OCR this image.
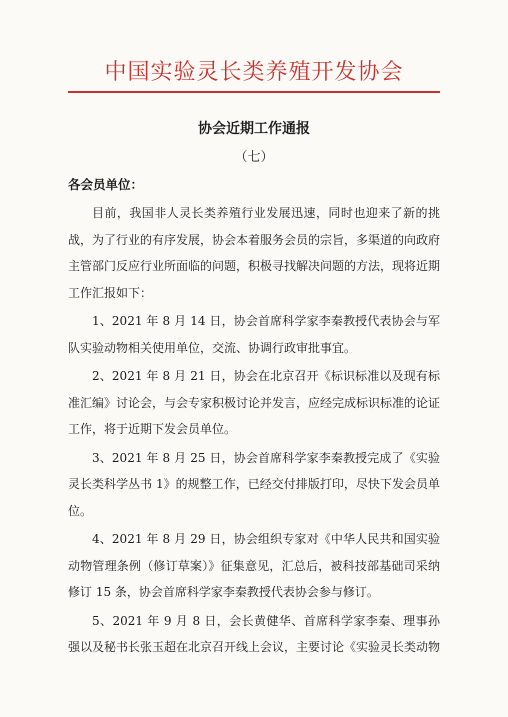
中国实验灵长类养殖开发协会
协会近期工作通报
（七）
各会员单位：

目前，我国非人灵长类养殖行业发展迅速，同时也迎来了新的挑战，为了行业的有序发展，协会本着服务会员的宗旨，多渠道的向政府主管部门反应行业所面临的问题，积极寻找解决问题的方法，现将近期工作汇报如下：

1、2021 年 8 月 14 日，协会首席科学家李秦教授代表协会与军队实验动物相关使用单位，交流、协调行政审批事宜。

2、2021 年 8 月 21 日，协会在北京召开《标识标准以及现有标准汇编》讨论会，与会专家积极讨论并发言，应经完成标识标准的论证工作，将于近期下发会员单位。

3、2021 年 8 月 25 日，协会首席科学家李秦教授完成了《实验灵长类科学丛书 1》的规整工作，已经交付排版打印，尽快下发会员单位。

4、2021 年 8 月 29 日，协会组织专家对《中华人民共和国实验动物管理条例（修订草案）》征集意见，汇总后，被科技部基础司采纳修订 15 条，协会首席科学家李秦教授代表协会参与修订。

5、2021 年 9 月 8 日，会长黄健华、首席科学家李秦、理事孙强以及秘书长张玉超在北京召开线上会议，主要讨论《实验灵长类动物
